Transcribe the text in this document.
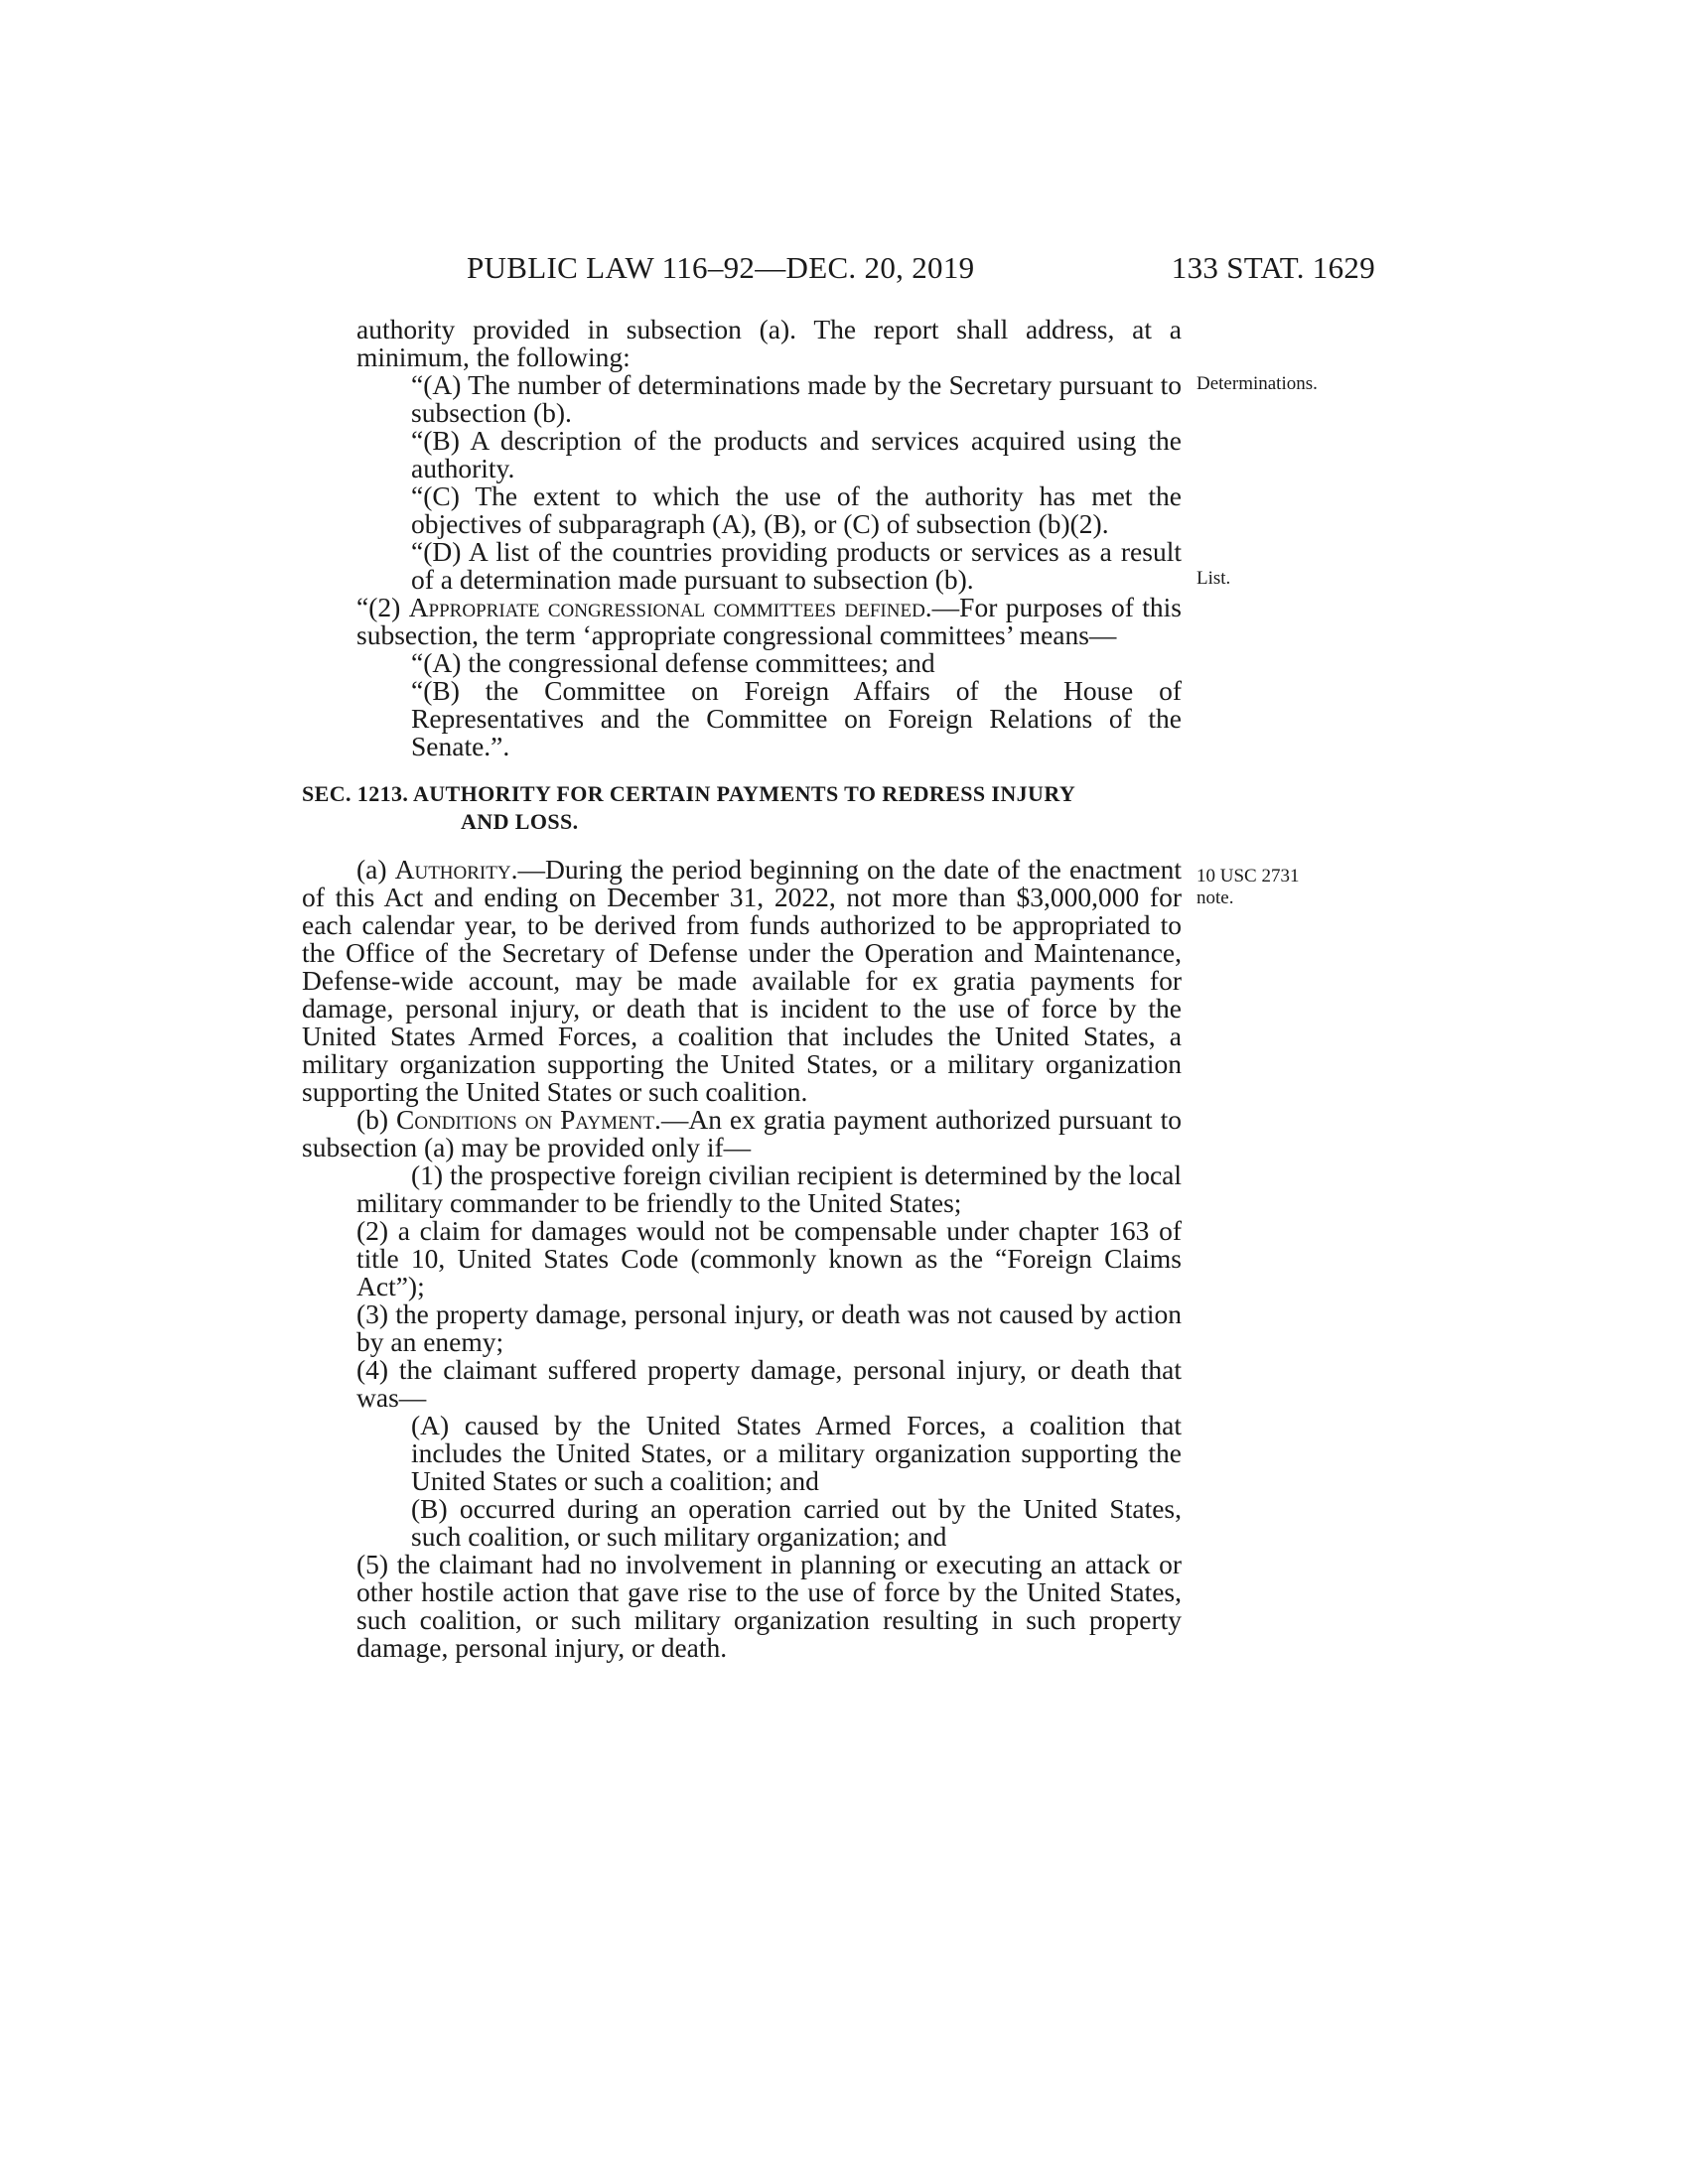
PUBLIC LAW 116–92—DEC. 20, 2019	133 STAT. 1629
Determinations.
List.
10 USC 2731
note.

authority provided in subsection (a). The report shall address, at a minimum, the following:

“(A) The number of determinations made by the Secretary pursuant to subsection (b).

“(B) A description of the products and services acquired using the authority.

“(C) The extent to which the use of the authority has met the objectives of subparagraph (A), (B), or (C) of subsection (b)(2).

“(D) A list of the countries providing products or services as a result of a determination made pursuant to subsection (b).

“(2) Appropriate congressional committees defined.—For purposes of this subsection, the term ‘appropriate congressional committees’ means—

“(A) the congressional defense committees; and

“(B) the Committee on Foreign Affairs of the House of Representatives and the Committee on Foreign Relations of the Senate.”.

SEC. 1213. AUTHORITY FOR CERTAIN PAYMENTS TO REDRESS INJURY
AND LOSS.

(a) Authority.—During the period beginning on the date of the enactment of this Act and ending on December 31, 2022, not more than $3,000,000 for each calendar year, to be derived from funds authorized to be appropriated to the Office of the Secretary of Defense under the Operation and Maintenance, Defense-wide account, may be made available for ex gratia payments for damage, personal injury, or death that is incident to the use of force by the United States Armed Forces, a coalition that includes the United States, a military organization supporting the United States, or a military organization supporting the United States or such coalition.

(b) Conditions on Payment.—An ex gratia payment authorized pursuant to subsection (a) may be provided only if—

(1) the prospective foreign civilian recipient is determined by the local military commander to be friendly to the United States;

(2) a claim for damages would not be compensable under chapter 163 of title 10, United States Code (commonly known as the “Foreign Claims Act”);

(3) the property damage, personal injury, or death was not caused by action by an enemy;

(4) the claimant suffered property damage, personal injury, or death that was—

(A) caused by the United States Armed Forces, a coalition that includes the United States, or a military organization supporting the United States or such a coalition; and

(B) occurred during an operation carried out by the United States, such coalition, or such military organization; and

(5) the claimant had no involvement in planning or executing an attack or other hostile action that gave rise to the use of force by the United States, such coalition, or such military organization resulting in such property damage, personal injury, or death.
